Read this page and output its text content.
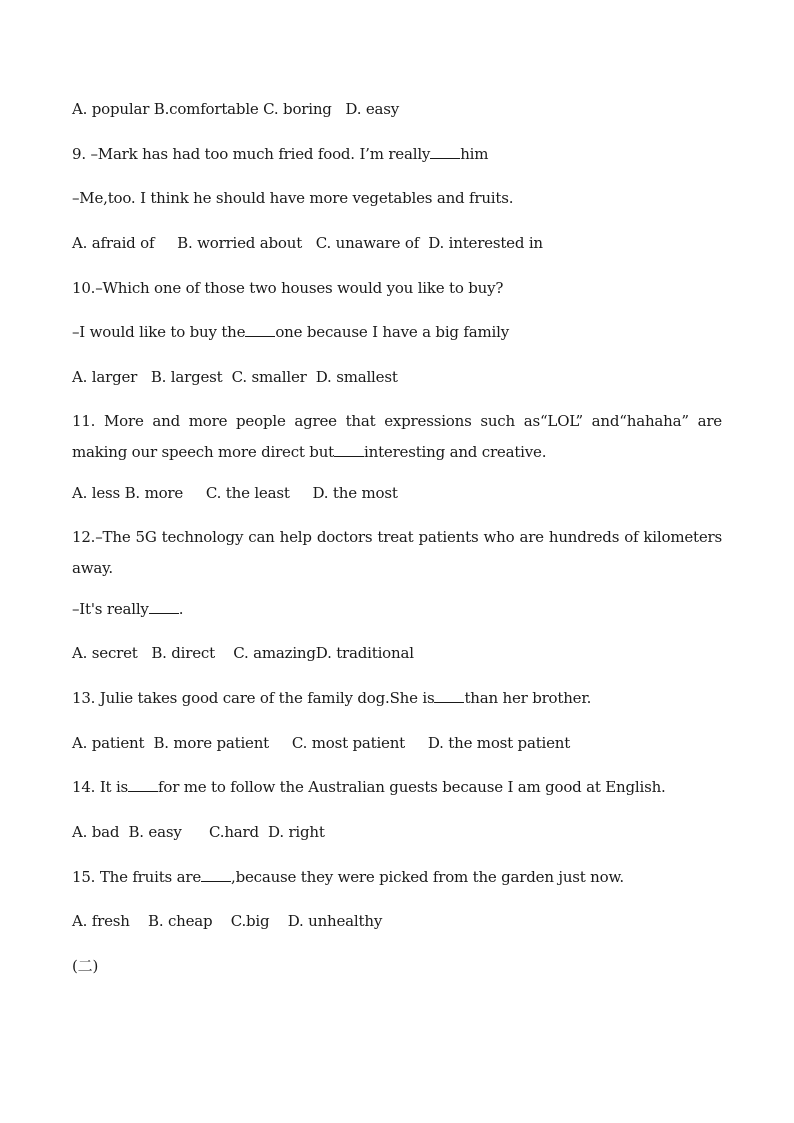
A. popular B.comfortable C. boring   D. easy
9. –Mark has had too much fried food. I’m really him
–Me,too. I think he should have more vegetables and fruits.
A. afraid of     B. worried about   C. unaware of  D. interested in
10.–Which one of those two houses would you like to buy?
–I would like to buy the one because I have a big family
A. larger   B. largest  C. smaller  D. smallest
11. More and more people agree that expressions such as“LOL” and“hahaha” are making our speech more direct but interesting and creative.
A. less B. more     C. the least     D. the most
12.–The 5G technology can help doctors treat patients who are hundreds of kilometers away.
–It's really .
A. secret   B. direct    C. amazingD. traditional
13. Julie takes good care of the family dog.She is than her brother.
A. patient  B. more patient     C. most patient     D. the most patient
14. It is for me to follow the Australian guests because I am good at English.
A. bad  B. easy      C.hard  D. right
15. The fruits are ,because they were picked from the garden just now.
A. fresh    B. cheap    C.big    D. unhealthy
(二)
